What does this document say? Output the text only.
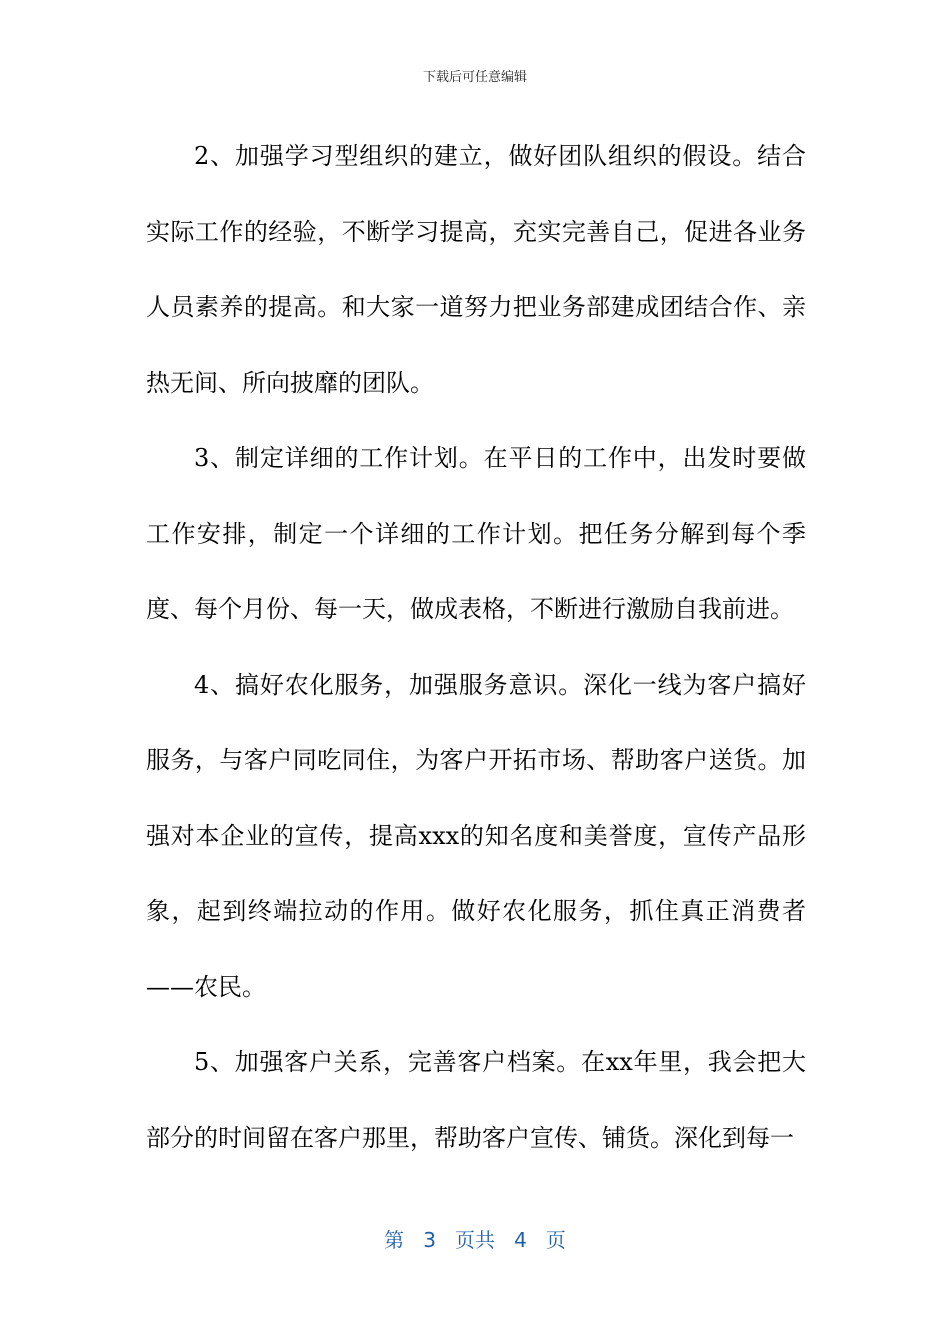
下载后可任意编辑

2、加强学习型组织的建立，做好团队组织的假设。结合实际工作的经验，不断学习提高，充实完善自己，促进各业务人员素养的提高。和大家一道努力把业务部建成团结合作、亲热无间、所向披靡的团队。

3、制定详细的工作计划。在平日的工作中，出发时要做工作安排，制定一个详细的工作计划。把任务分解到每个季度、每个月份、每一天，做成表格，不断进行激励自我前进。

4、搞好农化服务，加强服务意识。深化一线为客户搞好服务，与客户同吃同住，为客户开拓市场、帮助客户送货。加强对本企业的宣传，提高xxx的知名度和美誉度，宣传产品形象，起到终端拉动的作用。做好农化服务，抓住真正消费者——农民。

5、加强客户关系，完善客户档案。在xx年里，我会把大部分的时间留在客户那里，帮助客户宣传、铺货。深化到每一

第 3 页共 4 页
